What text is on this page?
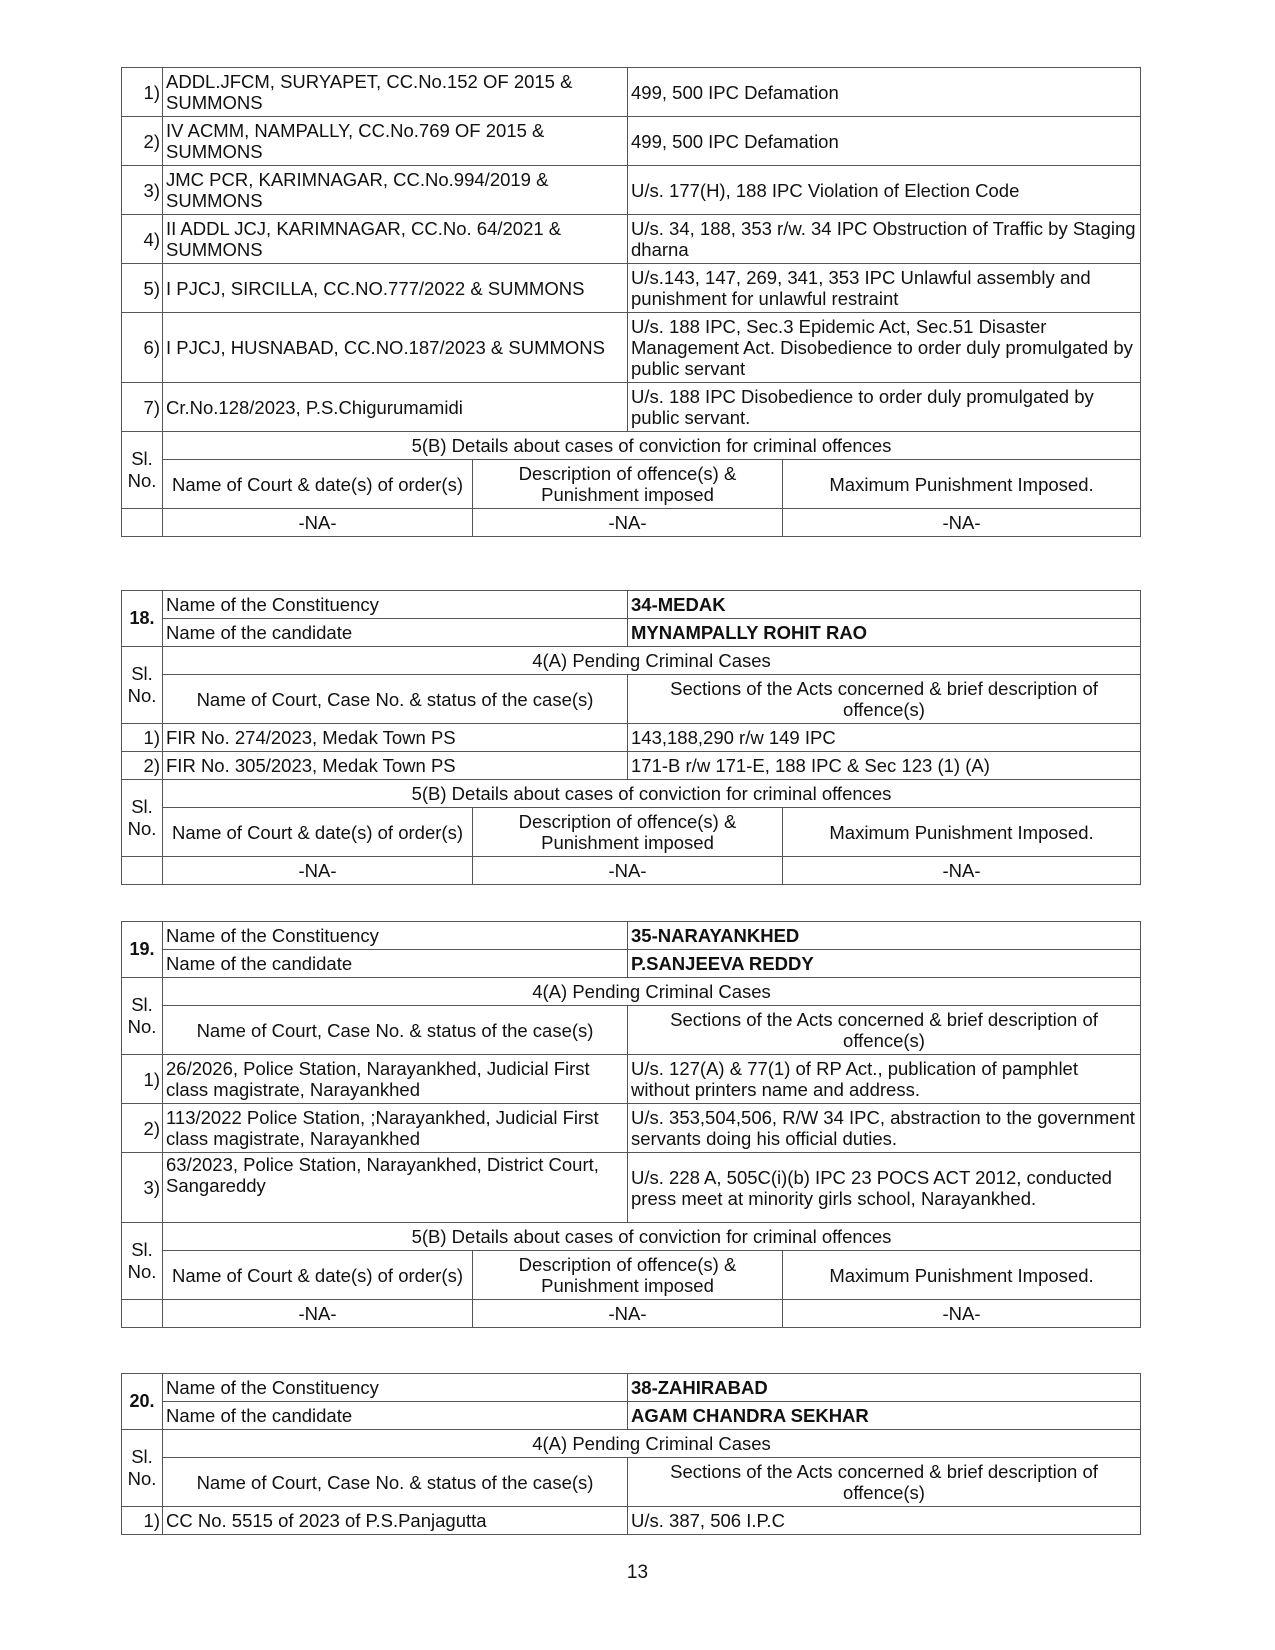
1)	ADDL.JFCM, SURYAPET, CC.No.152 OF 2015 & SUMMONS		499, 500 IPC Defamation	
2)	IV ACMM, NAMPALLY, CC.No.769 OF 2015 & SUMMONS		499, 500 IPC Defamation	
3)	JMC PCR, KARIMNAGAR, CC.No.994/2019 & SUMMONS		U/s. 177(H), 188 IPC Violation of Election Code	
4)	II ADDL JCJ, KARIMNAGAR, CC.No. 64/2021 & SUMMONS		U/s. 34, 188, 353 r/w. 34 IPC Obstruction of Traffic by Staging dharna	
5)	I PJCJ, SIRCILLA, CC.NO.777/2022 & SUMMONS		U/s.143, 147, 269, 341, 353 IPC Unlawful assembly and punishment for unlawful restraint	
6)	I PJCJ, HUSNABAD, CC.NO.187/2023 & SUMMONS		U/s. 188 IPC, Sec.3 Epidemic Act, Sec.51 Disaster Management Act. Disobedience to order duly promulgated by public servant	
7)	Cr.No.128/2023, P.S.Chigurumamidi		U/s. 188 IPC Disobedience to order duly promulgated by public servant.	
Sl.
No.	5(B) Details about cases of conviction for criminal offences			
	Name of Court & date(s) of order(s)	Description of offence(s) & Punishment imposed		Maximum Punishment Imposed.
	-NA-	-NA-		-NA-
18.	Name of the Constituency		34-MEDAK	
	Name of the candidate		MYNAMPALLY ROHIT RAO	
Sl.
No.	4(A) Pending Criminal Cases			
	Name of Court, Case No. & status of the case(s)		Sections of the Acts concerned & brief description of offence(s)	
1)	FIR No. 274/2023, Medak Town PS		143,188,290 r/w 149 IPC	
2)	FIR No. 305/2023, Medak Town PS		171-B r/w 171-E, 188 IPC & Sec 123 (1) (A)	
Sl.
No.	5(B) Details about cases of conviction for criminal offences			
	Name of Court & date(s) of order(s)	Description of offence(s) & Punishment imposed		Maximum Punishment Imposed.
	-NA-	-NA-		-NA-
19.	Name of the Constituency		35-NARAYANKHED	
	Name of the candidate		P.SANJEEVA REDDY	
Sl.
No.	4(A) Pending Criminal Cases			
	Name of Court, Case No. & status of the case(s)		Sections of the Acts concerned & brief description of offence(s)	
1)	26/2026, Police Station, Narayankhed, Judicial First class magistrate, Narayankhed		U/s. 127(A) & 77(1) of RP Act., publication of pamphlet without printers name and address.	
2)	113/2022 Police Station, ;Narayankhed, Judicial First class magistrate, Narayankhed		U/s. 353,504,506, R/W 34 IPC, abstraction to the government servants doing his official duties.	
3)	63/2023, Police Station, Narayankhed, District Court, Sangareddy		U/s. 228 A, 505C(i)(b) IPC 23 POCS ACT 2012, conducted press meet at minority girls school, Narayankhed.	
Sl.
No.	5(B) Details about cases of conviction for criminal offences			
	Name of Court & date(s) of order(s)	Description of offence(s) & Punishment imposed		Maximum Punishment Imposed.
	-NA-	-NA-		-NA-
20.	Name of the Constituency	38-ZAHIRABAD
	Name of the candidate	AGAM CHANDRA SEKHAR
Sl.
No.	4(A) Pending Criminal Cases	
	Name of Court, Case No. & status of the case(s)	Sections of the Acts concerned & brief description of offence(s)
1)	CC No. 5515 of 2023 of P.S.Panjagutta	U/s. 387, 506 I.P.C
13
